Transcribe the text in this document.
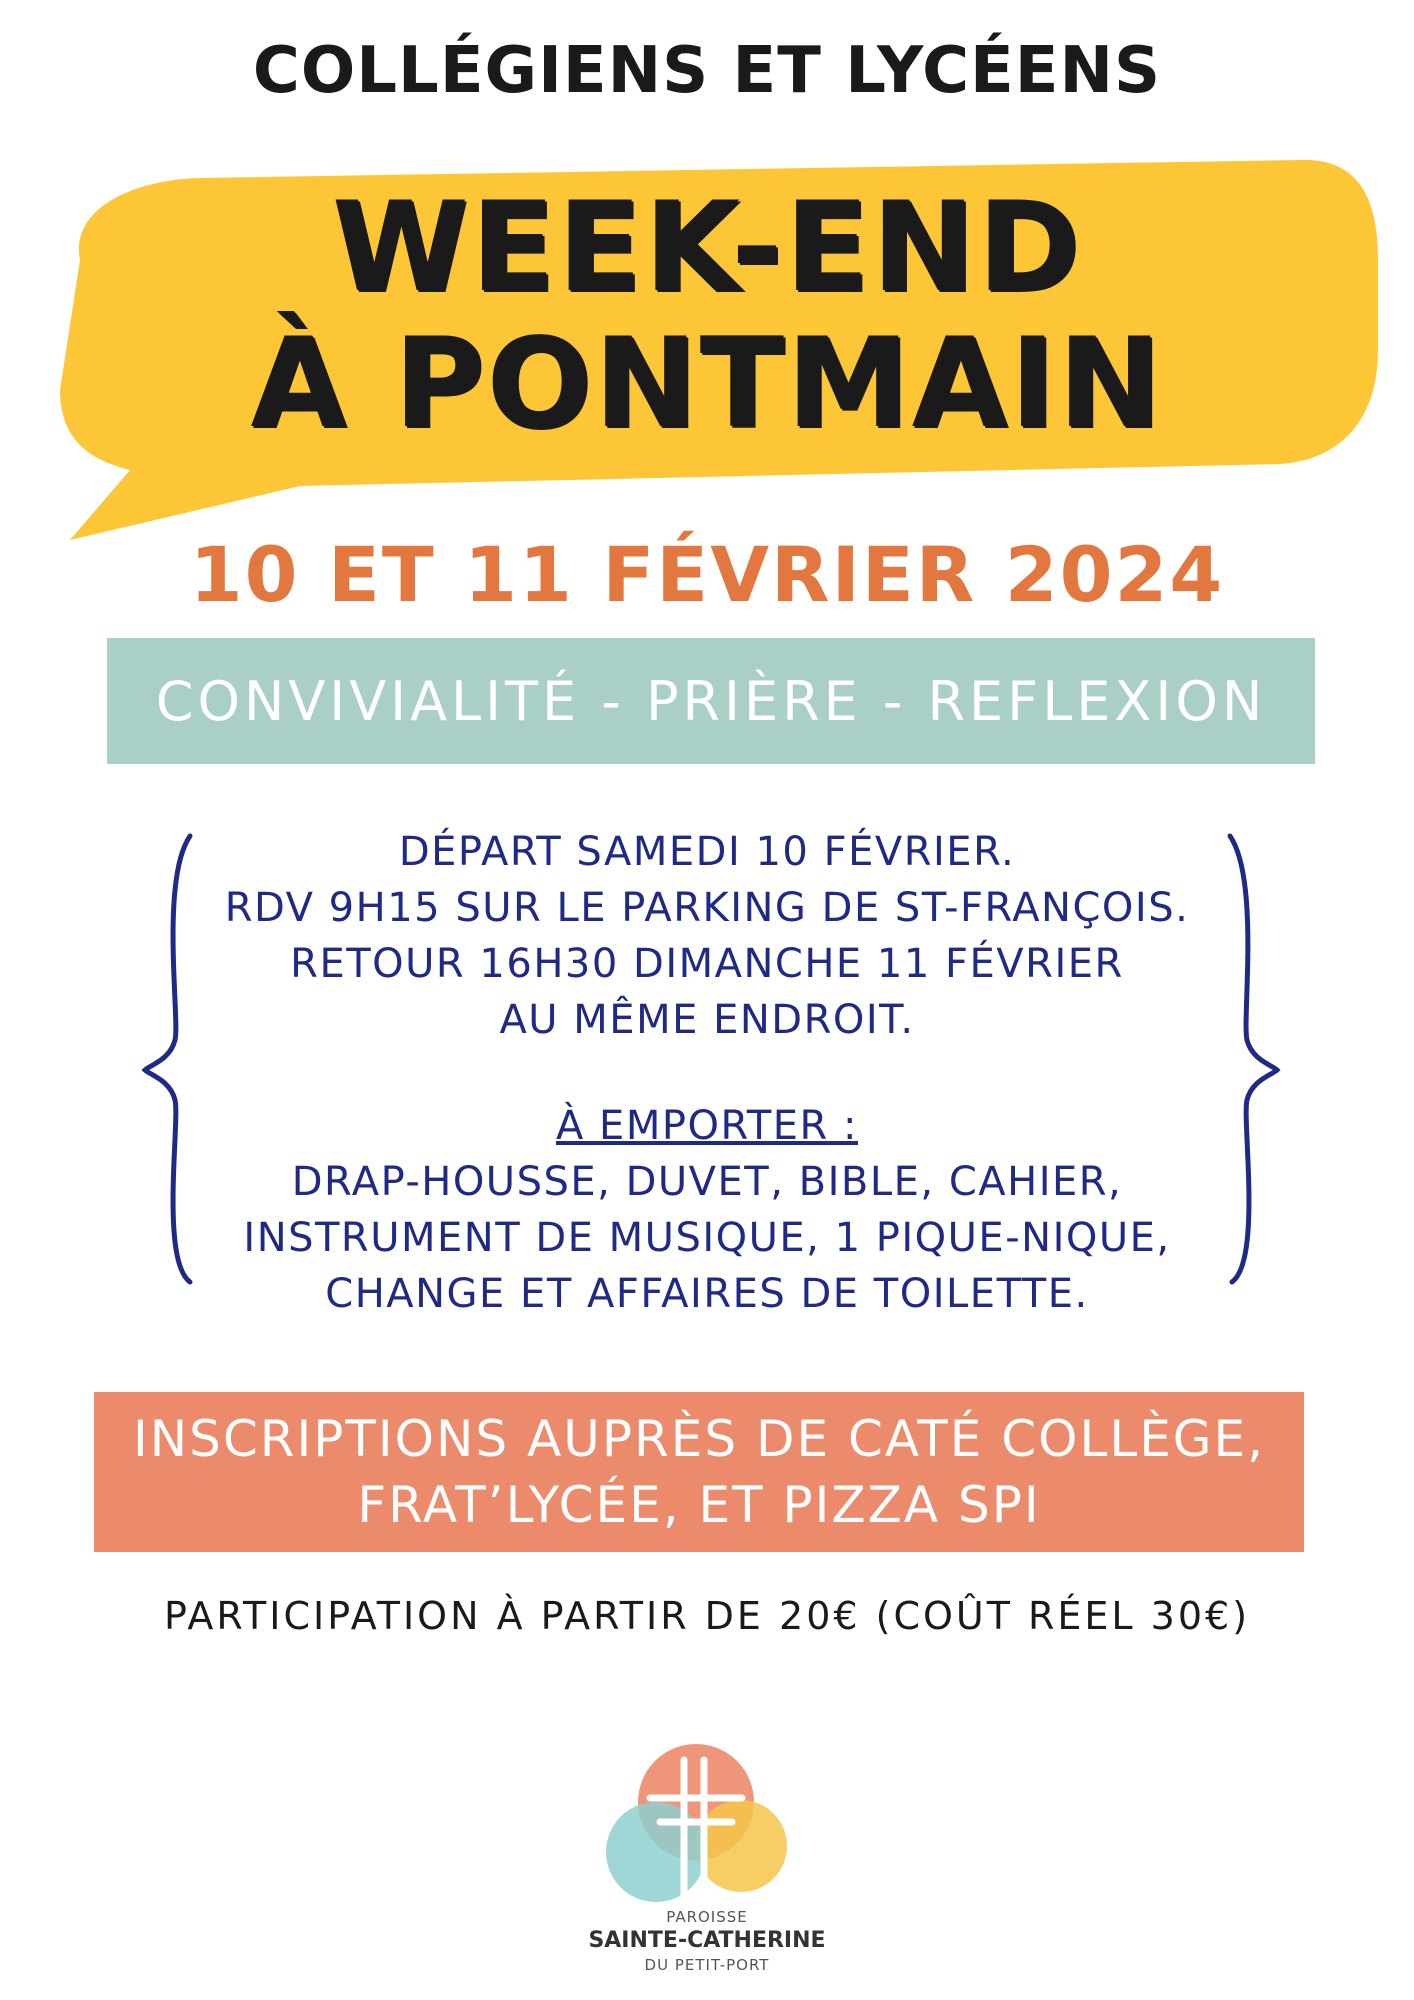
COLLÉGIENS ET LYCÉENS
WEEK-END
À PONTMAIN
10 ET 11 FÉVRIER 2024
CONVIVIALITÉ - PRIÈRE - REFLEXION
DÉPART SAMEDI 10 FÉVRIER.
RDV 9H15 SUR LE PARKING DE ST-FRANÇOIS.
RETOUR 16H30 DIMANCHE 11 FÉVRIER
AU MÊME ENDROIT.
À EMPORTER :
DRAP-HOUSSE, DUVET, BIBLE, CAHIER,
INSTRUMENT DE MUSIQUE, 1 PIQUE-NIQUE,
CHANGE ET AFFAIRES DE TOILETTE.
INSCRIPTIONS AUPRÈS DE CATÉ COLLÈGE,
FRAT’LYCÉE, ET PIZZA SPI
PARTICIPATION À PARTIR DE 20€ (COÛT RÉEL 30€)
PAROISSE
SAINTE-CATHERINE
DU PETIT-PORT
